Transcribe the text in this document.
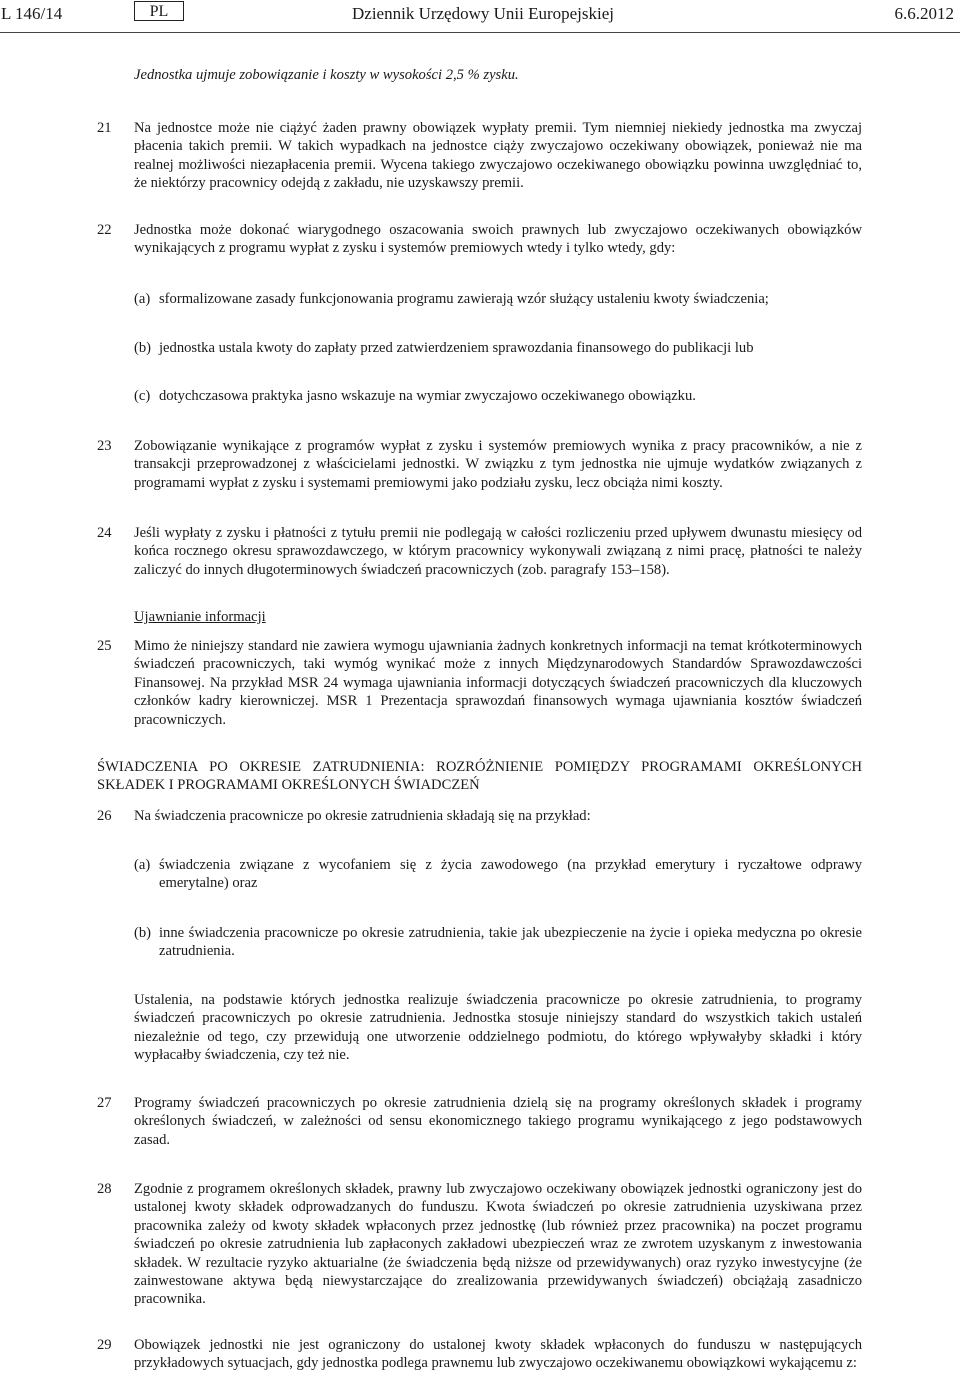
L 146/14	PL	Dziennik Urzędowy Unii Europejskiej	6.6.2012

Jednostka ujmuje zobowiązanie i koszty w wysokości 2,5 % zysku.

21 Na jednostce może nie ciążyć żaden prawny obowiązek wypłaty premii. Tym niemniej niekiedy jednostka ma zwyczaj płacenia takich premii. W takich wypadkach na jednostce ciąży zwyczajowo oczekiwany obowiązek, ponieważ nie ma realnej możliwości niezapłacenia premii. Wycena takiego zwyczajowo oczekiwanego obowiązku powinna uwzględniać to, że niektórzy pracownicy odejdą z zakładu, nie uzyskawszy premii.

22 Jednostka może dokonać wiarygodnego oszacowania swoich prawnych lub zwyczajowo oczekiwanych obowiązków wynikających z programu wypłat z zysku i systemów premiowych wtedy i tylko wtedy, gdy:

(a) sformalizowane zasady funkcjonowania programu zawierają wzór służący ustaleniu kwoty świadczenia;

(b) jednostka ustala kwoty do zapłaty przed zatwierdzeniem sprawozdania finansowego do publikacji lub

(c) dotychczasowa praktyka jasno wskazuje na wymiar zwyczajowo oczekiwanego obowiązku.

23 Zobowiązanie wynikające z programów wypłat z zysku i systemów premiowych wynika z pracy pracowników, a nie z transakcji przeprowadzonej z właścicielami jednostki. W związku z tym jednostka nie ujmuje wydatków związanych z programami wypłat z zysku i systemami premiowymi jako podziału zysku, lecz obciąża nimi koszty.

24 Jeśli wypłaty z zysku i płatności z tytułu premii nie podlegają w całości rozliczeniu przed upływem dwunastu miesięcy od końca rocznego okresu sprawozdawczego, w którym pracownicy wykonywali związaną z nimi pracę, płatności te należy zaliczyć do innych długoterminowych świadczeń pracowniczych (zob. paragrafy 153–158).

Ujawnianie informacji

25 Mimo że niniejszy standard nie zawiera wymogu ujawniania żadnych konkretnych informacji na temat krótkoterminowych świadczeń pracowniczych, taki wymóg wynikać może z innych Międzynarodowych Standardów Sprawozdawczości Finansowej. Na przykład MSR 24 wymaga ujawniania informacji dotyczących świadczeń pracowniczych dla kluczowych członków kadry kierowniczej. MSR 1 Prezentacja sprawozdań finansowych wymaga ujawniania kosztów świadczeń pracowniczych.

ŚWIADCZENIA PO OKRESIE ZATRUDNIENIA: ROZRÓŻNIENIE POMIĘDZY PROGRAMAMI OKREŚLONYCH SKŁADEK I PROGRAMAMI OKREŚLONYCH ŚWIADCZEŃ

26 Na świadczenia pracownicze po okresie zatrudnienia składają się na przykład:

(a) świadczenia związane z wycofaniem się z życia zawodowego (na przykład emerytury i ryczałtowe odprawy emerytalne) oraz

(b) inne świadczenia pracownicze po okresie zatrudnienia, takie jak ubezpieczenie na życie i opieka medyczna po okresie zatrudnienia.

Ustalenia, na podstawie których jednostka realizuje świadczenia pracownicze po okresie zatrudnienia, to programy świadczeń pracowniczych po okresie zatrudnienia. Jednostka stosuje niniejszy standard do wszystkich takich ustaleń niezależnie od tego, czy przewidują one utworzenie oddzielnego podmiotu, do którego wpływałyby składki i który wypłacałby świadczenia, czy też nie.

27 Programy świadczeń pracowniczych po okresie zatrudnienia dzielą się na programy określonych składek i programy określonych świadczeń, w zależności od sensu ekonomicznego takiego programu wynikającego z jego podstawowych zasad.

28 Zgodnie z programem określonych składek, prawny lub zwyczajowo oczekiwany obowiązek jednostki ograniczony jest do ustalonej kwoty składek odprowadzanych do funduszu. Kwota świadczeń po okresie zatrudnienia uzyskiwana przez pracownika zależy od kwoty składek wpłaconych przez jednostkę (lub również przez pracownika) na poczet programu świadczeń po okresie zatrudnienia lub zapłaconych zakładowi ubezpieczeń wraz ze zwrotem uzyskanym z inwestowania składek. W rezultacie ryzyko aktuarialne (że świadczenia będą niższe od przewidywanych) oraz ryzyko inwestycyjne (że zainwestowane aktywa będą niewystarczające do zrealizowania przewidywanych świadczeń) obciążają zasadniczo pracownika.

29 Obowiązek jednostki nie jest ograniczony do ustalonej kwoty składek wpłaconych do funduszu w następujących przykładowych sytuacjach, gdy jednostka podlega prawnemu lub zwyczajowo oczekiwanemu obowiązkowi wykającemu z:
